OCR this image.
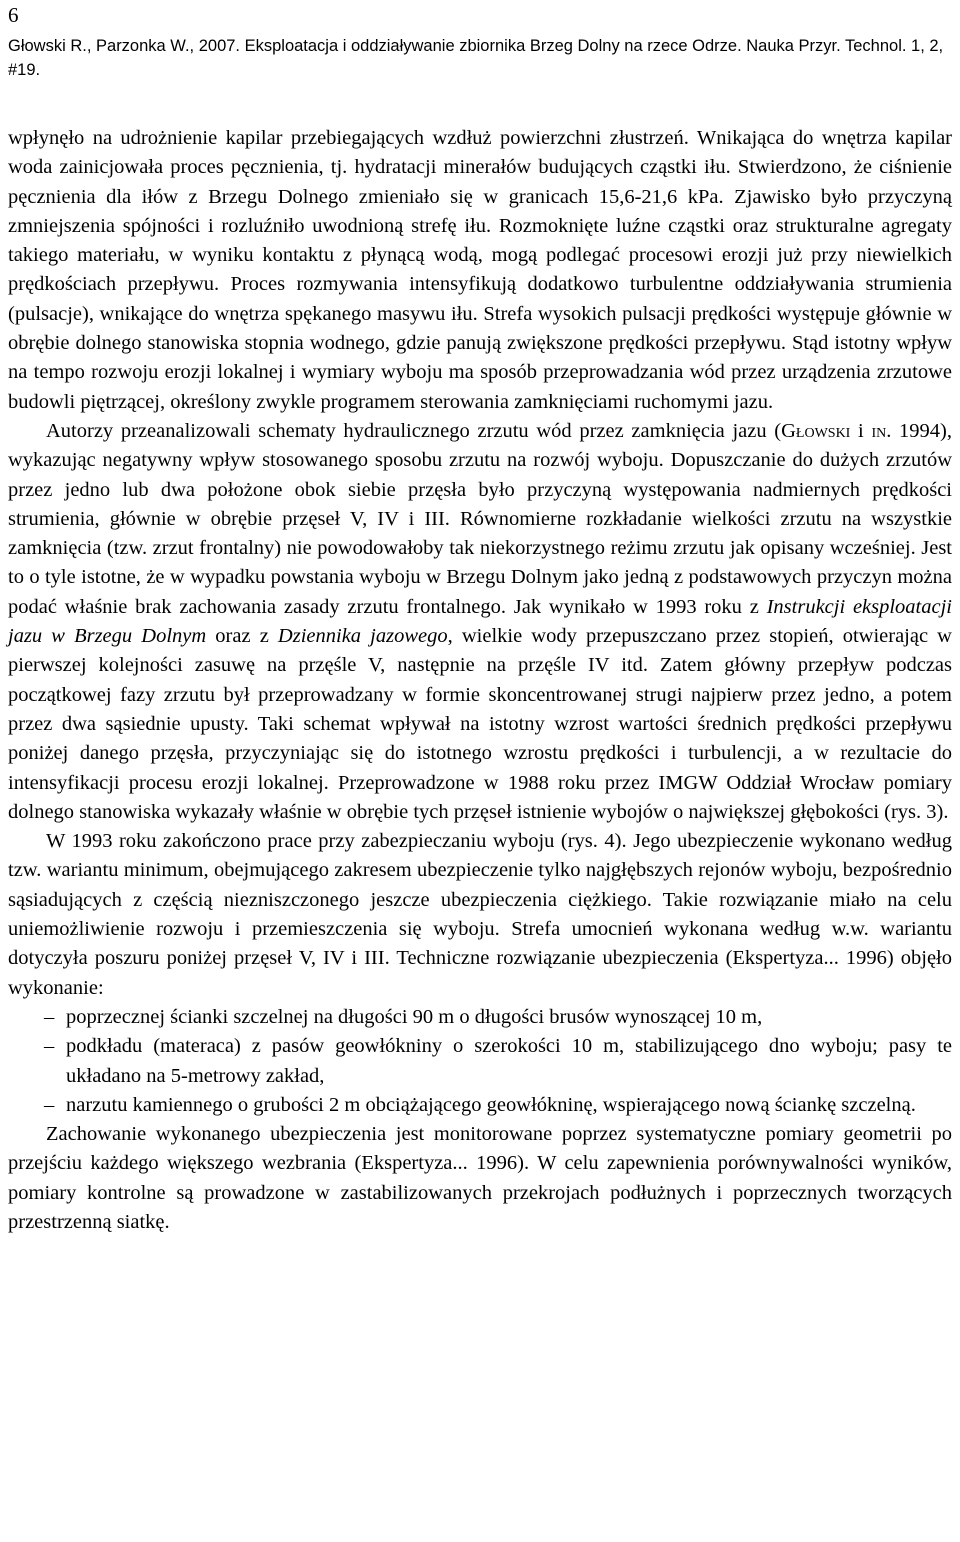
6
Głowski R., Parzonka W., 2007. Eksploatacja i oddziaływanie zbiornika Brzeg Dolny na rzece Odrze. Nauka Przyr. Technol. 1, 2, #19.

wpłynęło na udrożnienie kapilar przebiegających wzdłuż powierzchni złustrzeń. Wnikająca do wnętrza kapilar woda zainicjowała proces pęcznienia, tj. hydratacji minerałów budujących cząstki iłu. Stwierdzono, że ciśnienie pęcznienia dla iłów z Brzegu Dolnego zmieniało się w granicach 15,6-21,6 kPa. Zjawisko było przyczyną zmniejszenia spójności i rozluźniło uwodnioną strefę iłu. Rozmoknięte luźne cząstki oraz strukturalne agregaty takiego materiału, w wyniku kontaktu z płynącą wodą, mogą podlegać procesowi erozji już przy niewielkich prędkościach przepływu. Proces rozmywania intensyfikują dodatkowo turbulentne oddziaływania strumienia (pulsacje), wnikające do wnętrza spękanego masywu iłu. Strefa wysokich pulsacji prędkości występuje głównie w obrębie dolnego stanowiska stopnia wodnego, gdzie panują zwiększone prędkości przepływu. Stąd istotny wpływ na tempo rozwoju erozji lokalnej i wymiary wyboju ma sposób przeprowadzania wód przez urządzenia zrzutowe budowli piętrzącej, określony zwykle programem sterowania zamknięciami ruchomymi jazu.

Autorzy przeanalizowali schematy hydraulicznego zrzutu wód przez zamknięcia jazu (Głowski i in. 1994), wykazując negatywny wpływ stosowanego sposobu zrzutu na rozwój wyboju. Dopuszczanie do dużych zrzutów przez jedno lub dwa położone obok siebie przęsła było przyczyną występowania nadmiernych prędkości strumienia, głównie w obrębie przęseł V, IV i III. Równomierne rozkładanie wielkości zrzutu na wszystkie zamknięcia (tzw. zrzut frontalny) nie powodowałoby tak niekorzystnego reżimu zrzutu jak opisany wcześniej. Jest to o tyle istotne, że w wypadku powstania wyboju w Brzegu Dolnym jako jedną z podstawowych przyczyn można podać właśnie brak zachowania zasady zrzutu frontalnego. Jak wynikało w 1993 roku z Instrukcji eksploatacji jazu w Brzegu Dolnym oraz z Dziennika jazowego, wielkie wody przepuszczano przez stopień, otwierając w pierwszej kolejności zasuwę na przęśle V, następnie na przęśle IV itd. Zatem główny przepływ podczas początkowej fazy zrzutu był przeprowadzany w formie skoncentrowanej strugi najpierw przez jedno, a potem przez dwa sąsiednie upusty. Taki schemat wpływał na istotny wzrost wartości średnich prędkości przepływu poniżej danego przęsła, przyczyniając się do istotnego wzrostu prędkości i turbulencji, a w rezultacie do intensyfikacji procesu erozji lokalnej. Przeprowadzone w 1988 roku przez IMGW Oddział Wrocław pomiary dolnego stanowiska wykazały właśnie w obrębie tych przęseł istnienie wybojów o największej głębokości (rys. 3).

W 1993 roku zakończono prace przy zabezpieczaniu wyboju (rys. 4). Jego ubezpieczenie wykonano według tzw. wariantu minimum, obejmującego zakresem ubezpieczenie tylko najgłębszych rejonów wyboju, bezpośrednio sąsiadujących z częścią niezniszczonego jeszcze ubezpieczenia ciężkiego. Takie rozwiązanie miało na celu uniemożliwienie rozwoju i przemieszczenia się wyboju. Strefa umocnień wykonana według w.w. wariantu dotyczyła poszuru poniżej przęseł V, IV i III. Techniczne rozwiązanie ubezpieczenia (Ekspertyza... 1996) objęło wykonanie:

– poprzecznej ścianki szczelnej na długości 90 m o długości brusów wynoszącej 10 m,
– podkładu (materaca) z pasów geowłókniny o szerokości 10 m, stabilizującego dno wyboju; pasy te układano na 5-metrowy zakład,
– narzutu kamiennego o grubości 2 m obciążającego geowłókninę, wspierającego nową ściankę szczelną.

Zachowanie wykonanego ubezpieczenia jest monitorowane poprzez systematyczne pomiary geometrii po przejściu każdego większego wezbrania (Ekspertyza... 1996). W celu zapewnienia porównywalności wyników, pomiary kontrolne są prowadzone w zastabilizowanych przekrojach podłużnych i poprzecznych tworzących przestrzenną siatkę.
